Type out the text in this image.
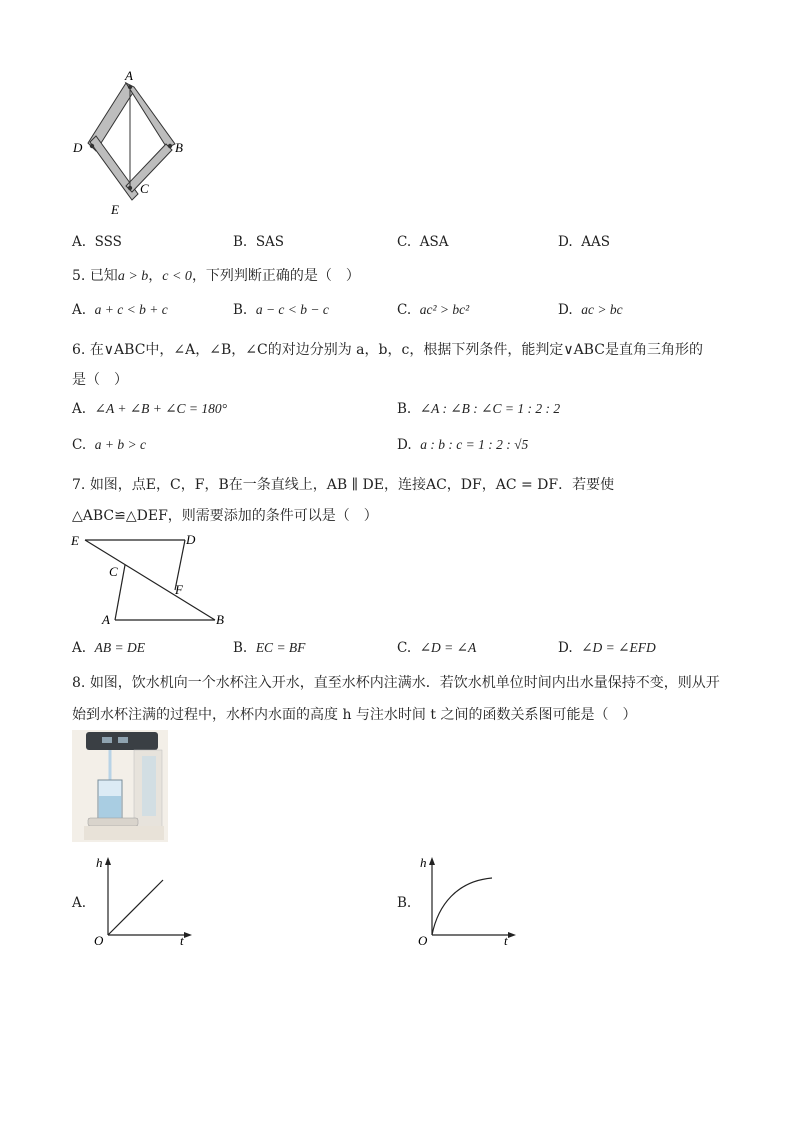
A
D	B
C
E
A. SSS	B. SAS	C. ASA	D. AAS
5. 已知a > b，c < 0，下列判断正确的是（　）
A. a + c < b + c	B. a − c < b − c	C. ac² > bc²	D. ac > bc
6. 在∨ABC中，∠A，∠B，∠C的对边分别为 a，b，c，根据下列条件，能判定∨ABC是直角三角形的
是（　）
A. ∠A + ∠B + ∠C = 180°	B. ∠A : ∠B : ∠C = 1 : 2 : 2
C. a + b > c	D. a : b : c = 1 : 2 : √5
7. 如图，点E，C，F，B在一条直线上，AB ∥ DE，连接AC，DF，AC = DF．若要使
△ABC≌△DEF，则需要添加的条件可以是（　）
E	D
C
F
A	B
A. AB = DE	B. EC = BF	C. ∠D = ∠A	D. ∠D = ∠EFD
8. 如图，饮水机向一个水杯注入开水，直至水杯内注满水．若饮水机单位时间内出水量保持不变，则从开
始到水杯注满的过程中，水杯内水面的高度 h 与注水时间 t 之间的函数关系图可能是（　）
A.
h
t
O
B.
h
t
O
